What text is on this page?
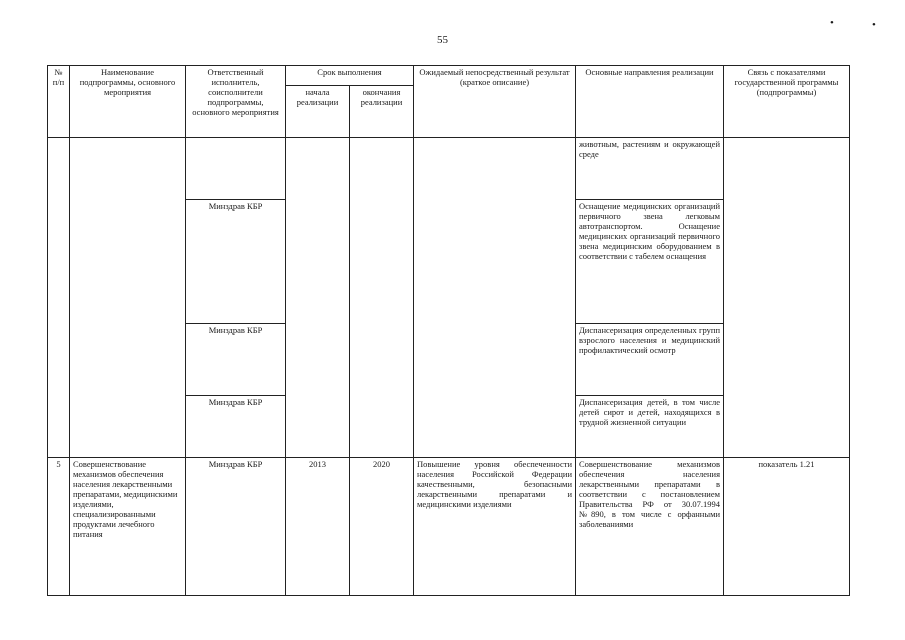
55
•	•
№ п/п	Наименование подпрограммы, основного мероприятия	Ответственный исполнитель, соисполнители подпрограммы, основного мероприятия	Срок выполнения		Ожидаемый непосредственный результат (краткое описание)	Основные направления реализации	Связь с показателями государственной программы (подпрограммы)
			начала реализации	окончания реализации			
						животным, растениям и окружающей среде	
		Минздрав КБР				Оснащение медицинских организаций первичного звена легковым автотранспортом. Оснащение медицинских организаций первичного звена медицинским оборудованием в соответствии с табелем оснащения	
		Минздрав КБР				Диспансеризация определенных групп взрослого населения и медицинский профилактический осмотр	
		Минздрав КБР				Диспансеризация детей, в том числе детей сирот и детей, находящихся в трудной жизненной ситуации	
5	Совершенствование механизмов обеспечения населения лекарственными препаратами, медицинскими изделиями, специализированными продуктами лечебного питания	Минздрав КБР	2013	2020	Повышение уровня обеспеченности населения Российской Федерации качественными, безопасными лекарственными препаратами и медицинскими изделиями	Совершенствование механизмов обеспечения населения лекарственными препаратами в соответствии с постановлением Правительства РФ от 30.07.1994 №890, в том числе с орфанными заболеваниями	показатель 1.21
